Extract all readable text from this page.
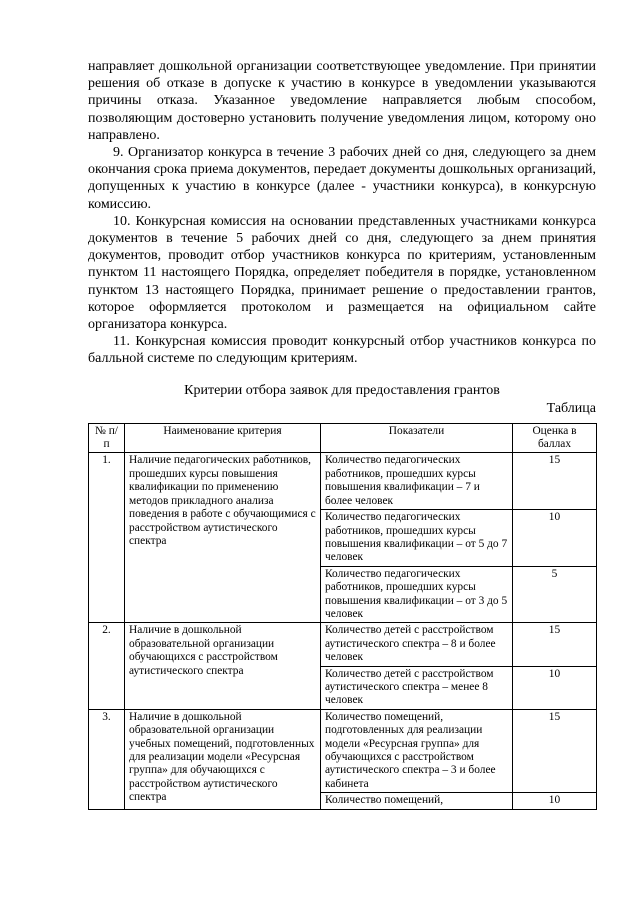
направляет дошкольной организации соответствующее уведомление. При принятии решения об отказе в допуске к участию в конкурсе в уведомлении указываются причины отказа. Указанное уведомление направляется любым способом, позволяющим достоверно установить получение уведомления лицом, которому оно направлено.

9. Организатор конкурса в течение 3 рабочих дней со дня, следующего за днем окончания срока приема документов, передает документы дошкольных организаций, допущенных к участию в конкурсе (далее - участники конкурса), в конкурсную комиссию.

10. Конкурсная комиссия на основании представленных участниками конкурса документов в течение 5 рабочих дней со дня, следующего за днем принятия документов, проводит отбор участников конкурса по критериям, установленным пунктом 11 настоящего Порядка, определяет победителя в порядке, установленном пунктом 13 настоящего Порядка, принимает решение о предоставлении грантов, которое оформляется протоколом и размещается на официальном сайте организатора конкурса.

11. Конкурсная комиссия проводит конкурсный отбор участников конкурса по балльной системе по следующим критериям.

Критерии отбора заявок для предоставления грантов

Таблица

№ п/п	Наименование критерия	Показатели	Оценка в баллах
1.	Наличие педагогических работников, прошедших курсы повышения квалификации по применению методов прикладного анализа поведения в работе с обучающимися с расстройством аутистического спектра	Количество педагогических работников, прошедших курсы повышения квалификации – 7 и более человек	15
		Количество педагогических работников, прошедших курсы повышения квалификации – от 5 до 7 человек	10
		Количество педагогических работников, прошедших курсы повышения квалификации – от 3 до 5 человек	5
2.	Наличие в дошкольной образовательной организации обучающихся с расстройством аутистического спектра	Количество детей с расстройством аутистического спектра – 8 и более человек	15
		Количество детей с расстройством аутистического спектра – менее 8 человек	10
3.	Наличие в дошкольной образовательной организации учебных помещений, подготовленных для реализации модели «Ресурсная группа» для обучающихся с расстройством аутистического спектра	Количество помещений, подготовленных для реализации модели «Ресурсная группа» для обучающихся с расстройством аутистического спектра – 3 и более кабинета	15
		Количество помещений,	10
